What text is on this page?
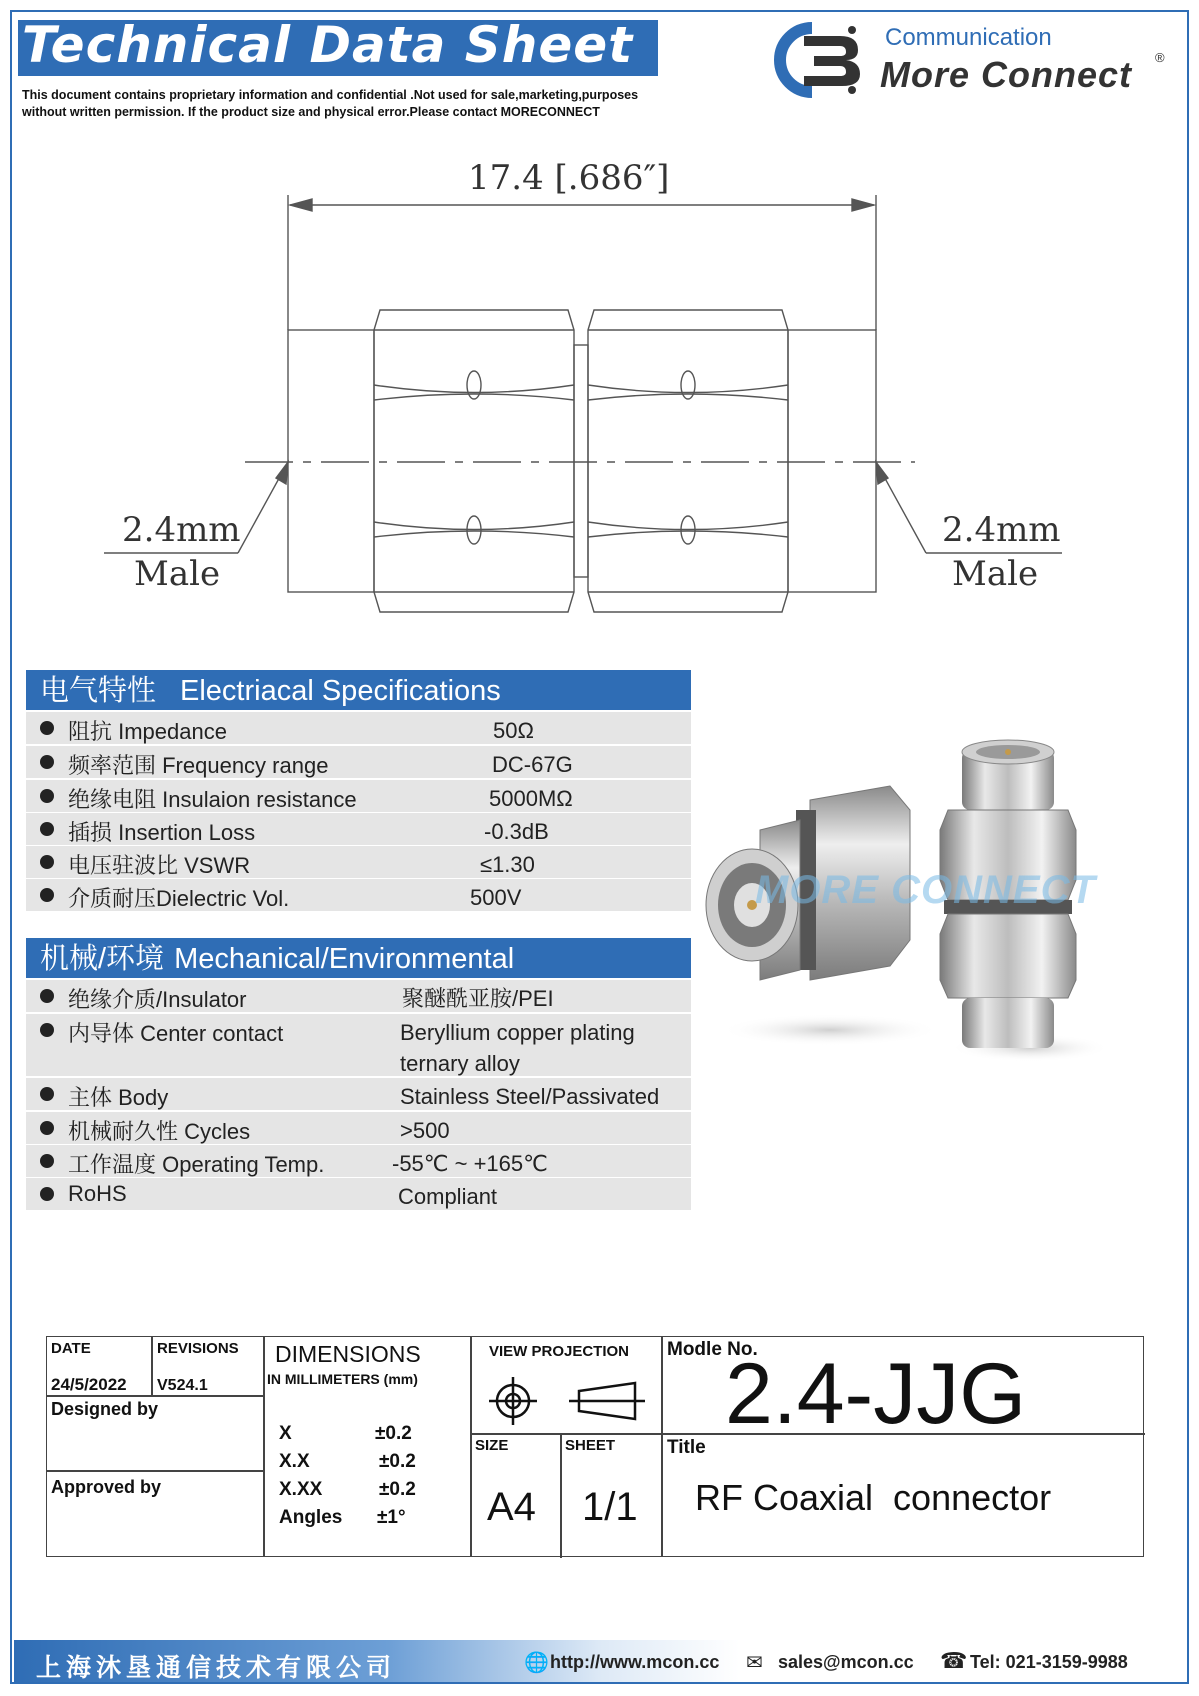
Technical Data Sheet
This document contains proprietary information and confidential .Not used for sale,marketing,purposes
without written permission. If the product size and physical error.Please contact MORECONNECT
Communication
More Connect ®
17.4 [.686″]
2.4mm
Male
2.4mm
Male
电气特性 Electriacal Specifications
阻抗 Impedance	50Ω
频率范围 Frequency range	DC-67G
绝缘电阻 Insulaion resistance	5000MΩ
插损 Insertion Loss	-0.3dB
电压驻波比 VSWR	≤1.30
介质耐压Dielectric Vol.	500V
机械/环境 Mechanical/Environmental
绝缘介质/Insulator	聚醚酰亚胺/PEI
内导体 Center contact	Beryllium copper plating
ternary alloy
主体 Body	Stainless Steel/Passivated
机械耐久性 Cycles	>500
工作温度 Operating Temp.	-55℃ ~ +165℃
RoHS	Compliant
MORE CONNECT
DATE
24/5/2022
REVISIONS
V524.1
Designed by
Approved by
DIMENSIONS
IN MILLIMETERS (mm)
X	±0.2
X.X	±0.2
X.XX	±0.2
Angles ±1°
VIEW PROJECTION
SIZE
A4
SHEET
1/1
Modle No.
2.4-JJG
Title
RF Coaxial  connector
上海沐垦通信技术有限公司	🌐 http://www.mcon.cc ✉ sales@mcon.cc ☎ Tel: 021-3159-9988
